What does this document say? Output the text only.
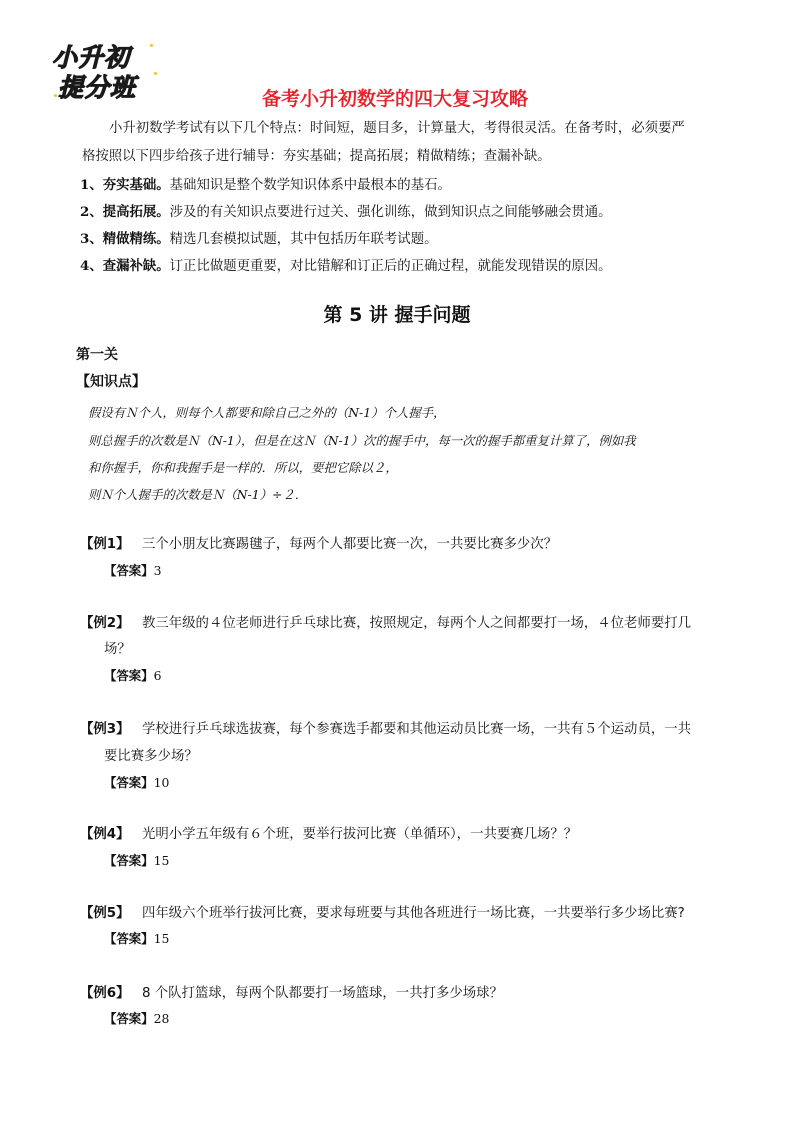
小升初
提分班	备考小升初数学的四大复习攻略
小升初数学考试有以下几个特点：时间短，题目多，计算量大，考得很灵活。在备考时，必须要严
格按照以下四步给孩子进行辅导：夯实基础；提高拓展；精做精练；查漏补缺。
1、夯实基础。基础知识是整个数学知识体系中最根本的基石。
2、提高拓展。涉及的有关知识点要进行过关、强化训练，做到知识点之间能够融会贯通。
3、精做精练。精选几套模拟试题，其中包括历年联考试题。
4、查漏补缺。订正比做题更重要，对比错解和订正后的正确过程，就能发现错误的原因。
第 5 讲 握手问题
第一关
【知识点】
假设有Ｎ个人，则每个人都要和除自己之外的（N-1）个人握手，
则总握手的次数是Ｎ（N-1），但是在这Ｎ（N-1）次的握手中，每一次的握手都重复计算了，例如我
和你握手，你和我握手是一样的．所以，要把它除以２，
则Ｎ个人握手的次数是Ｎ（N-1）÷２．
【例1】 三个小朋友比赛踢毽子，每两个人都要比赛一次，一共要比赛多少次？
【答案】3
【例2】 教三年级的４位老师进行乒乓球比赛，按照规定，每两个人之间都要打一场，４位老师要打几
场？
【答案】6
【例3】 学校进行乒乓球选拔赛，每个参赛选手都要和其他运动员比赛一场，一共有５个运动员，一共
要比赛多少场？
【答案】10
【例4】 光明小学五年级有６个班，要举行拔河比赛（单循环），一共要赛几场？？
【答案】15
【例5】 四年级六个班举行拔河比赛，要求每班要与其他各班进行一场比赛，一共要举行多少场比赛?
【答案】15
【例6】 8 个队打篮球，每两个队都要打一场篮球，一共打多少场球？
【答案】28
